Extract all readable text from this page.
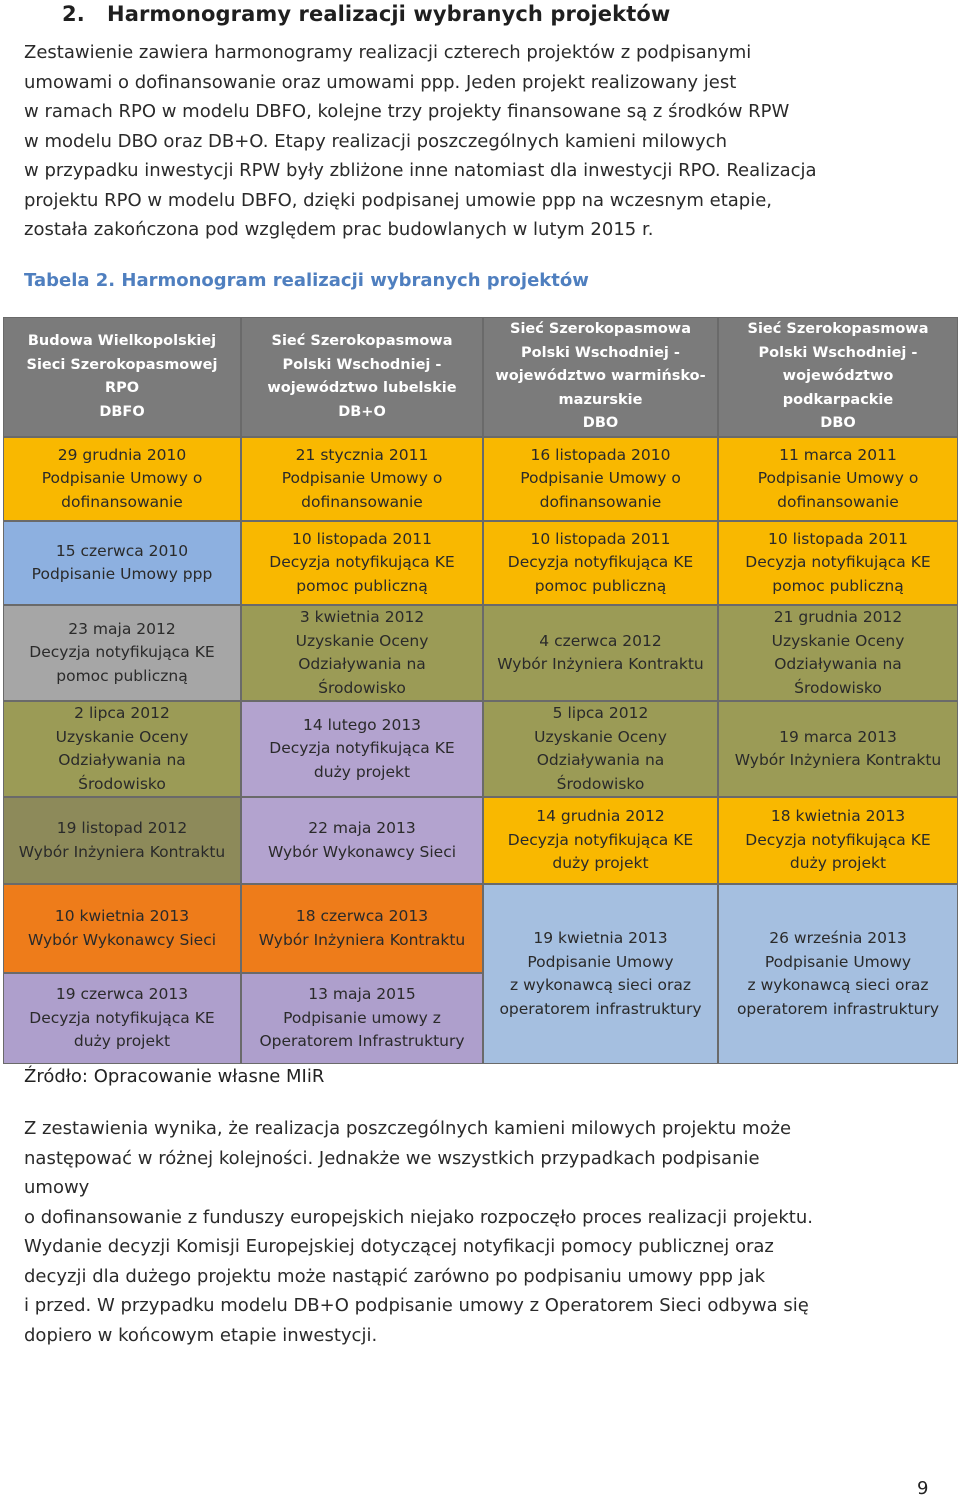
2.   Harmonogramy realizacji wybranych projektów
Zestawienie zawiera harmonogramy realizacji czterech projektów z podpisanymi
umowami o dofinansowanie oraz umowami ppp. Jeden projekt realizowany jest
w ramach RPO w modelu DBFO, kolejne trzy projekty finansowane są z środków RPW
w modelu DBO oraz DB+O. Etapy realizacji poszczególnych kamieni milowych
w przypadku inwestycji RPW były zbliżone inne natomiast dla inwestycji RPO. Realizacja
projektu RPO w modelu DBFO, dzięki podpisanej umowie ppp na wczesnym etapie,
została zakończona pod względem prac budowlanych w lutym 2015 r.
Tabela 2. Harmonogram realizacji wybranych projektów
Budowa Wielkopolskiej
Sieci Szerokopasmowej
RPO
DBFO
Sieć Szerokopasmowa
Polski Wschodniej -
województwo lubelskie
DB+O
Sieć Szerokopasmowa
Polski Wschodniej -
województwo warmińsko-
mazurskie
DBO
Sieć Szerokopasmowa
Polski Wschodniej -
województwo
podkarpackie
DBO
29 grudnia 2010
Podpisanie Umowy o
dofinansowanie
21 stycznia 2011
Podpisanie Umowy o
dofinansowanie
16 listopada 2010
Podpisanie Umowy o
dofinansowanie
11 marca 2011
Podpisanie Umowy o
dofinansowanie
15 czerwca 2010
Podpisanie Umowy ppp
10 listopada 2011
Decyzja notyfikująca KE
pomoc publiczną
10 listopada 2011
Decyzja notyfikująca KE
pomoc publiczną
10 listopada 2011
Decyzja notyfikująca KE
pomoc publiczną
23 maja 2012
Decyzja notyfikująca KE
pomoc publiczną
3 kwietnia 2012
Uzyskanie Oceny
Odziaływania na
Środowisko
4 czerwca 2012
Wybór Inżyniera Kontraktu
21 grudnia 2012
Uzyskanie Oceny
Odziaływania na
Środowisko
2 lipca 2012
Uzyskanie Oceny
Odziaływania na
Środowisko
14 lutego 2013
Decyzja notyfikująca KE
duży projekt
5 lipca 2012
Uzyskanie Oceny
Odziaływania na
Środowisko
19 marca 2013
Wybór Inżyniera Kontraktu
19 listopad 2012
Wybór Inżyniera Kontraktu
22 maja 2013
Wybór Wykonawcy Sieci
14 grudnia 2012
Decyzja notyfikująca KE
duży projekt
18 kwietnia 2013
Decyzja notyfikująca KE
duży projekt
10 kwietnia 2013
Wybór Wykonawcy Sieci
18 czerwca 2013
Wybór Inżyniera Kontraktu	19 kwietnia 2013
Podpisanie Umowy
z wykonawcą sieci oraz
operatorem infrastruktury
26 września 2013
Podpisanie Umowy
z wykonawcą sieci oraz
operatorem infrastruktury
19 czerwca 2013
Decyzja notyfikująca KE
duży projekt
13 maja 2015
Podpisanie umowy z
Operatorem Infrastruktury
Źródło: Opracowanie własne MIiR
Z zestawienia wynika, że realizacja poszczególnych kamieni milowych projektu może
następować w różnej kolejności. Jednakże we wszystkich przypadkach podpisanie
umowy
o dofinansowanie z funduszy europejskich niejako rozpoczęło proces realizacji projektu.
Wydanie decyzji Komisji Europejskiej dotyczącej notyfikacji pomocy publicznej oraz
decyzji dla dużego projektu może nastąpić zarówno po podpisaniu umowy ppp jak
i przed. W przypadku modelu DB+O podpisanie umowy z Operatorem Sieci odbywa się
dopiero w końcowym etapie inwestycji.
9
